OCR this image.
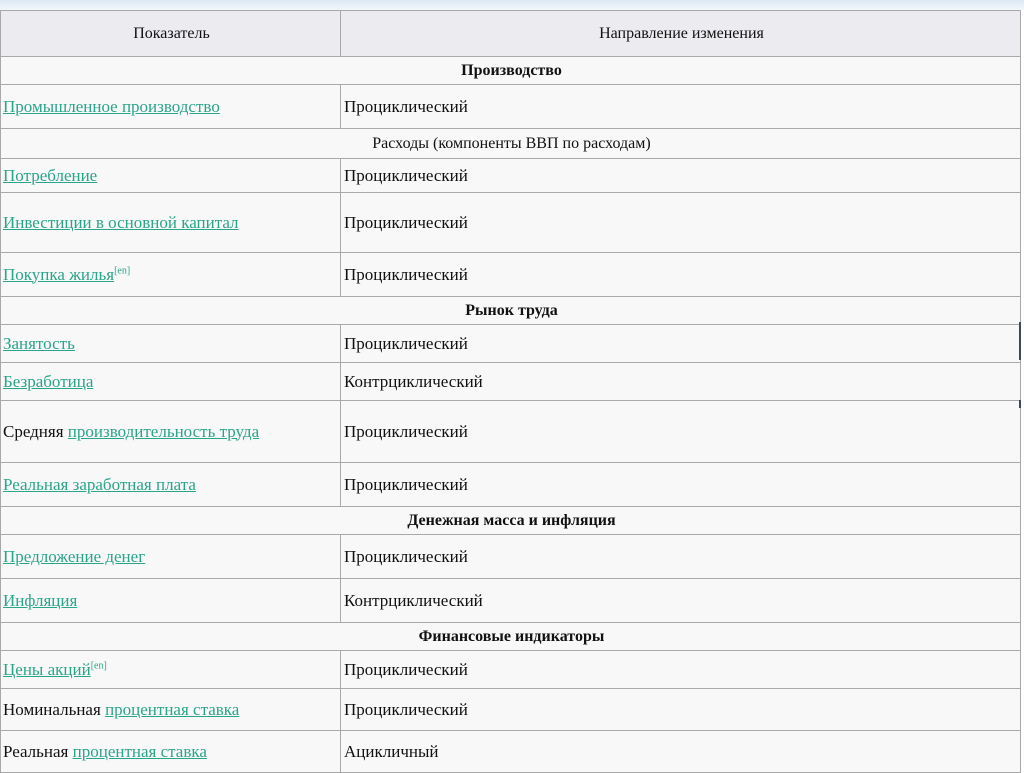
Показатель	Направление изменения
Производство	
Промышленное производство	Проциклический
Расходы (компоненты ВВП по расходам)	
Потребление	Проциклический
Инвестиции в основной капитал	Проциклический
Покупка жилья[en]	Проциклический
Рынок труда	
Занятость	Проциклический
Безработица	Контрциклический
Средняя производительность труда	Проциклический
Реальная заработная плата	Проциклический
Денежная масса и инфляция	
Предложение денег	Проциклический
Инфляция	Контрциклический
Финансовые индикаторы	
Цены акций[en]	Проциклический
Номинальная процентная ставка	Проциклический
Реальная процентная ставка	Ацикличный
